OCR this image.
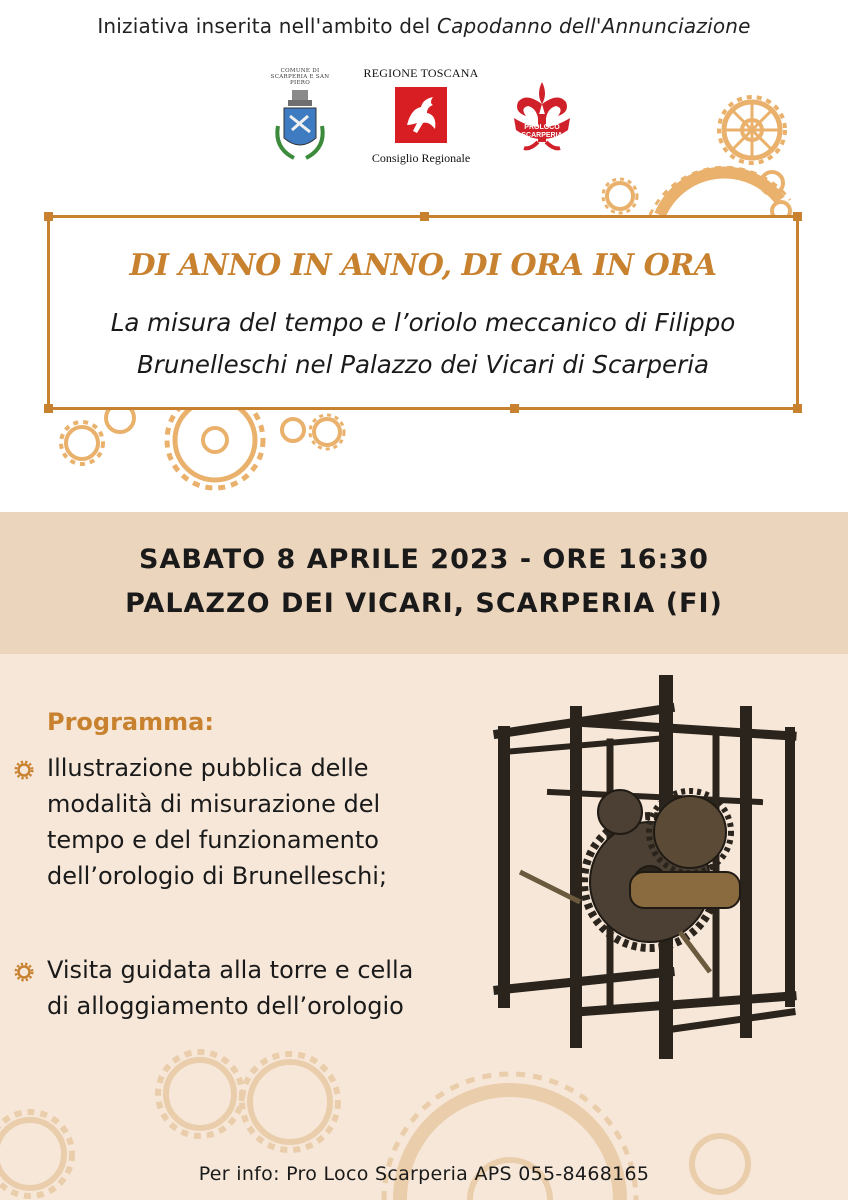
Iniziativa inserita nell'ambito del Capodanno dell'Annunciazione
COMUNE DI
SCARPERIA E SAN PIERO
REGIONE TOSCANA
Consiglio Regionale
PROLOCO
SCARPERIA
DI ANNO IN ANNO, DI ORA IN ORA
La misura del tempo e l’oriolo meccanico di Filippo
Brunelleschi nel Palazzo dei Vicari di Scarperia
SABATO 8 APRILE 2023 - ORE 16:30
PALAZZO DEI VICARI, SCARPERIA (FI)
Programma:
Illustrazione pubblica delle modalità di misurazione del tempo e del funzionamento dell’orologio di Brunelleschi;
Visita guidata alla torre e cella di alloggiamento dell’orologio
Per info: Pro Loco Scarperia APS 055-8468165
